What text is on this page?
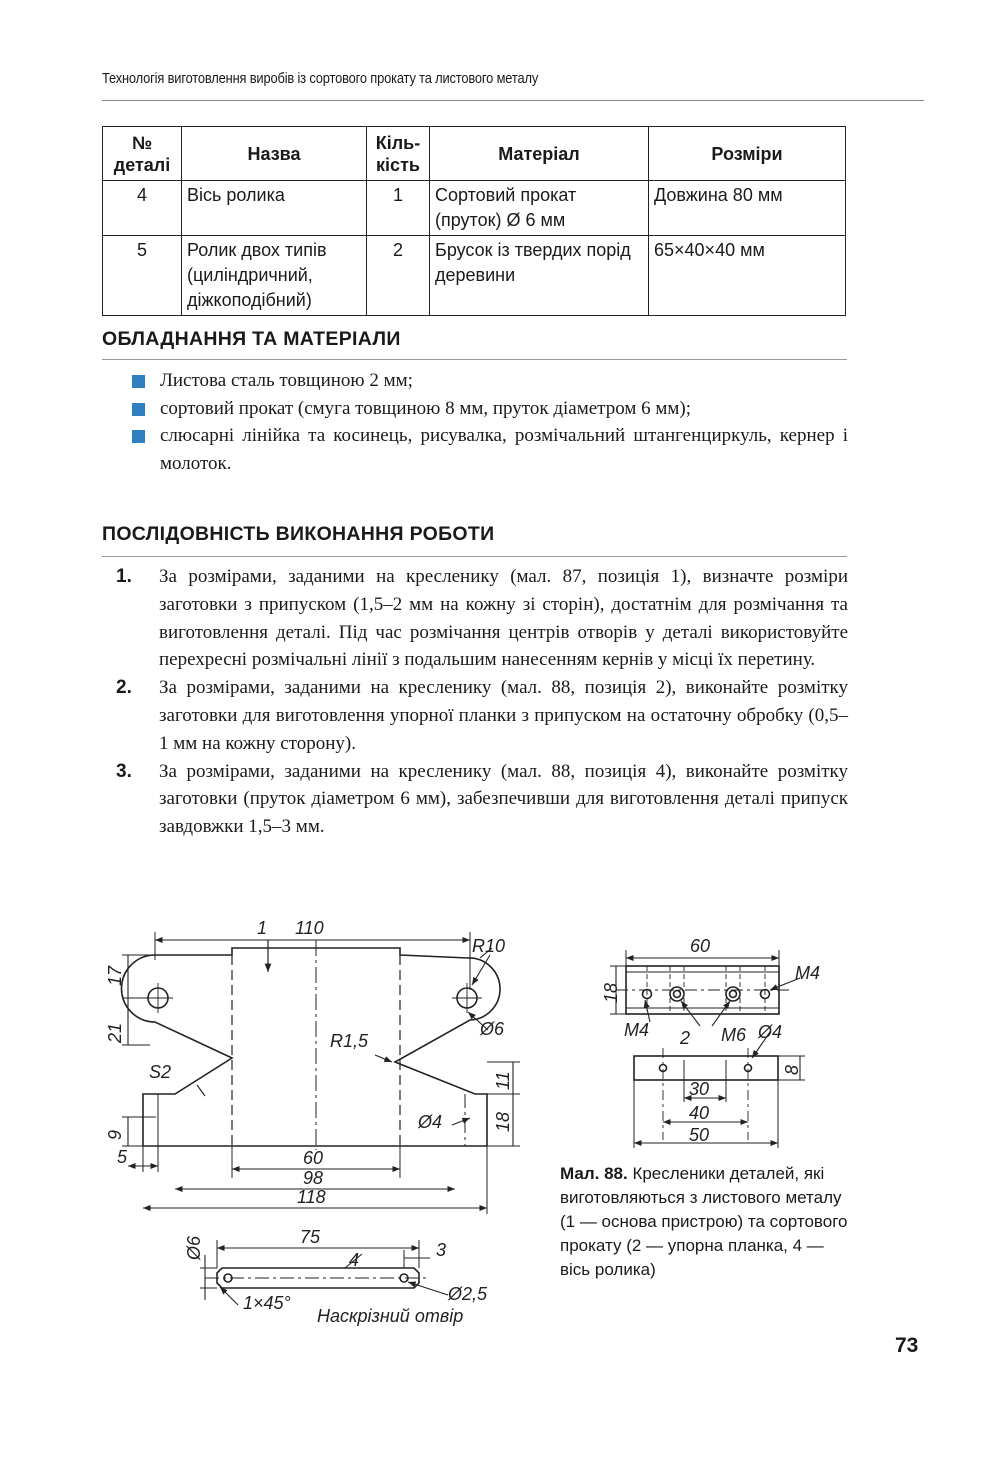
Технологія виготовлення виробів із сортового прокату та листового металу
№ деталі	Назва	Кількість	Матеріал	Розміри
4	Вісь ролика	1	Сортовий прокат (пруток) Ø 6 мм	Довжина 80 мм
5	Ролик двох типів (циліндричний, діжкоподібний)	2	Брусок із твердих порід деревини	65×40×40 мм
ОБЛАДНАННЯ ТА МАТЕРІАЛИ
Листова сталь товщиною 2 мм;
сортовий прокат (смуга товщиною 8 мм, пруток діаметром 6 мм);
слюсарні лінійка та косинець, рисувалка, розмічальний штангенциркуль, кернер і молоток.
ПОСЛІДОВНІСТЬ ВИКОНАННЯ РОБОТИ
1. За розмірами, заданими на кресленику (мал. 87, позиція 1), визначте розміри заготовки з припуском (1,5–2 мм на кожну зі сторін), достатнім для розмічання та виготовлення деталі. Під час розмічання центрів отворів у деталі використовуйте перехресні розмічальні лінії з подальшим нанесенням кернів у місці їх перетину.
2. За розмірами, заданими на кресленику (мал. 88, позиція 2), виконайте розмітку заготовки для виготовлення упорної планки з припуском на остаточну обробку (0,5–1 мм на кожну сторону).
3. За розмірами, заданими на кресленику (мал. 88, позиція 4), виконайте розмітку заготовки (пруток діаметром 6 мм), забезпечивши для виготовлення деталі припуск завдовжки 1,5–3 мм.
1 110
R10
17
21	Ø6
R1,5
S2	11
9
18
Ø4
5	60
98
118
Ø6	75
4	3
1×45°	Ø2,5
Наскрізний отвір
60
M4
18
M4 2 M6 Ø4
8
30
40
50
Мал. 88. Кресленики деталей, які виготовляються з листового металу (1 — основа пристрою) та сортового прокату (2 — упорна планка, 4 — вісь ролика)
73
